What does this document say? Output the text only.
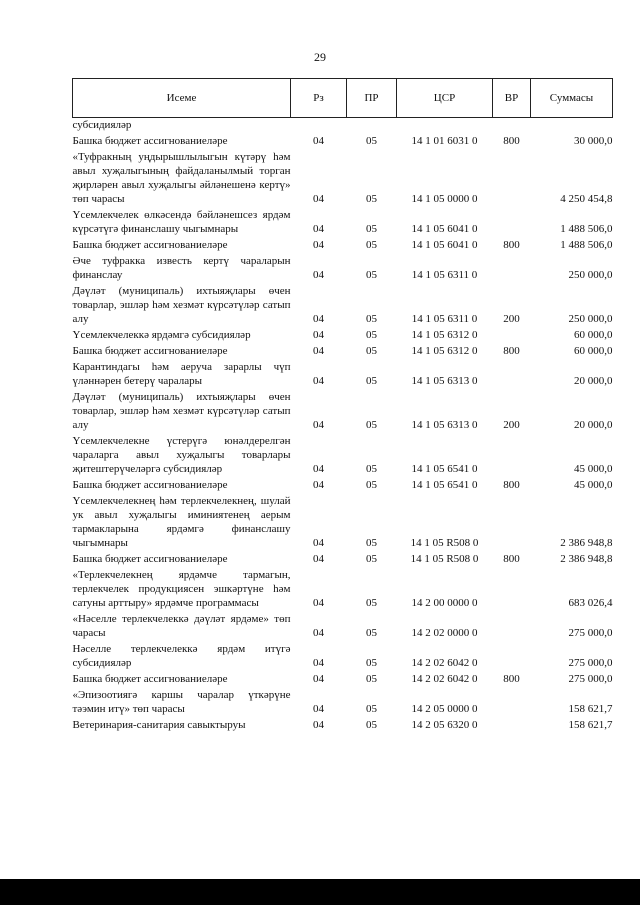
29
Исеме	Рз	ПР	ЦСР	ВР	Суммасы
субсидияләр					
Башка бюджет ассигнованиеләре	04	05	14 1 01 6031 0	800	30 000,0
«Туфракның уңдырышлылыгын күтәрү һәм авыл хуҗалыгының файдаланылмый торган җирләрен авыл хуҗалыгы әйләнешенә кертү» төп чарасы	04	05	14 1 05 0000 0		4 250 454,8
Үсемлекчелек өлкәсендә бәйләнешсез ярдәм күрсәтүгә финанслашу чыгымнары	04	05	14 1 05 6041 0		1 488 506,0
Башка бюджет ассигнованиеләре	04	05	14 1 05 6041 0	800	1 488 506,0
Әче туфракка известь кертү чараларын финанслау	04	05	14 1 05 6311 0		250 000,0
Дәүләт (муниципаль) ихтыяҗлары өчен товарлар, эшләр һәм хезмәт күрсәтүләр сатып алу	04	05	14 1 05 6311 0	200	250 000,0
Үсемлекчелеккә ярдәмгә субсидияләр	04	05	14 1 05 6312 0		60 000,0
Башка бюджет ассигнованиеләре	04	05	14 1 05 6312 0	800	60 000,0
Карантиндагы һәм аеруча зарарлы чүп үләннәрен бетерү чаралары	04	05	14 1 05 6313 0		20 000,0
Дәүләт (муниципаль) ихтыяҗлары өчен товарлар, эшләр һәм хезмәт күрсәтүләр сатып алу	04	05	14 1 05 6313 0	200	20 000,0
Үсемлекчелекне үстерүгә юнәлдерелгән чараларга авыл хуҗалыгы товарлары җитештерүчеләргә субсидияләр	04	05	14 1 05 6541 0		45 000,0
Башка бюджет ассигнованиеләре	04	05	14 1 05 6541 0	800	45 000,0
Үсемлекчелекнең һәм терлекчелекнең, шулай ук авыл хуҗалыгы иминиятенең аерым тармакларына ярдәмгә финанслашу чыгымнары	04	05	14 1 05 R508 0		2 386 948,8
Башка бюджет ассигнованиеләре	04	05	14 1 05 R508 0	800	2 386 948,8
«Терлекчелекнең ярдәмче тармагын, терлекчелек продукциясен эшкәртүне һәм сатуны арттыру» ярдәмче программасы	04	05	14 2 00 0000 0		683 026,4
«Нәселле терлекчелеккә дәүләт ярдәме» төп чарасы	04	05	14 2 02 0000 0		275 000,0
Нәселле терлекчелеккә ярдәм итүгә субсидияләр	04	05	14 2 02 6042 0		275 000,0
Башка бюджет ассигнованиеләре	04	05	14 2 02 6042 0	800	275 000,0
«Эпизоотиягә каршы чаралар үткәрүне тәэмин итү» төп чарасы	04	05	14 2 05 0000 0		158 621,7
Ветеринария-санитария савыктыруы	04	05	14 2 05 6320 0		158 621,7
